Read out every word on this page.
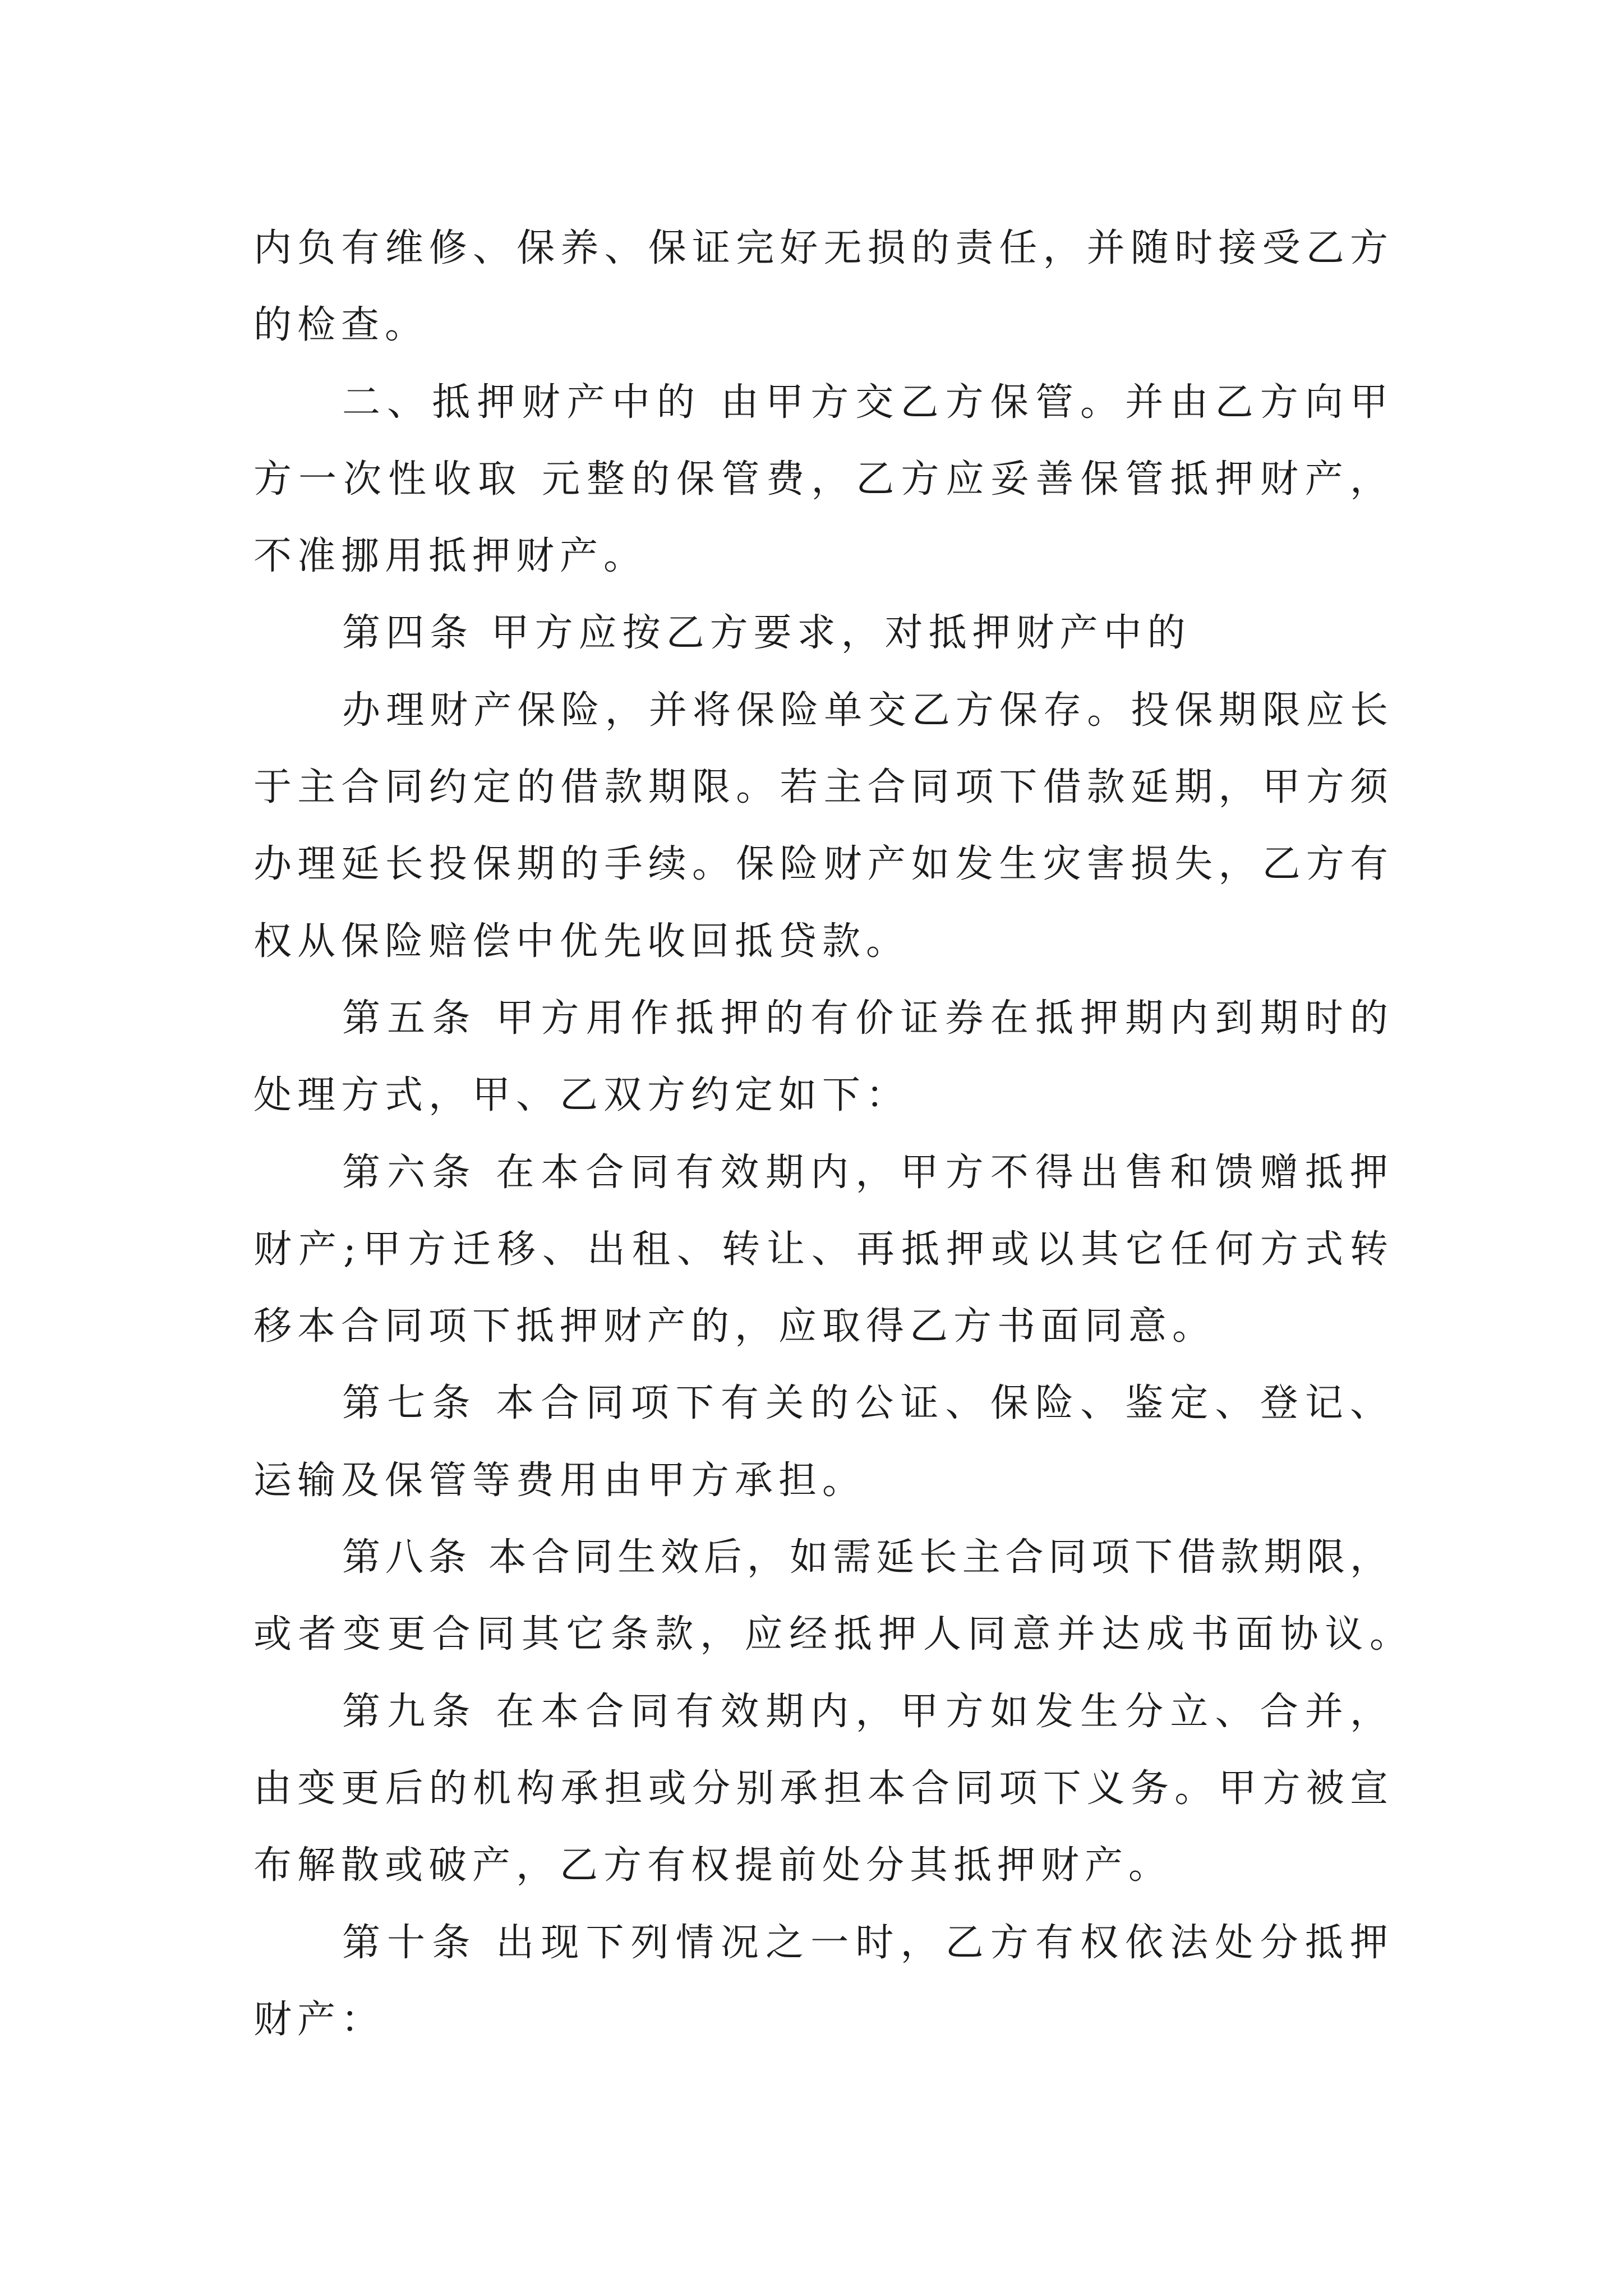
内负有维修、保养、保证完好无损的责任，并随时接受乙方
的检查。
二、抵押财产中的 由甲方交乙方保管。并由乙方向甲
方一次性收取 元整的保管费，乙方应妥善保管抵押财产，
不准挪用抵押财产。
第四条 甲方应按乙方要求，对抵押财产中的
办理财产保险，并将保险单交乙方保存。投保期限应长
于主合同约定的借款期限。若主合同项下借款延期，甲方须
办理延长投保期的手续。保险财产如发生灾害损失，乙方有
权从保险赔偿中优先收回抵贷款。
第五条 甲方用作抵押的有价证券在抵押期内到期时的
处理方式，甲、乙双方约定如下：
第六条 在本合同有效期内，甲方不得出售和馈赠抵押
财产;甲方迁移、出租、转让、再抵押或以其它任何方式转
移本合同项下抵押财产的，应取得乙方书面同意。
第七条 本合同项下有关的公证、保险、鉴定、登记、
运输及保管等费用由甲方承担。
第八条 本合同生效后，如需延长主合同项下借款期限，
或者变更合同其它条款，应经抵押人同意并达成书面协议。
第九条 在本合同有效期内，甲方如发生分立、合并，
由变更后的机构承担或分别承担本合同项下义务。甲方被宣
布解散或破产，乙方有权提前处分其抵押财产。
第十条 出现下列情况之一时，乙方有权依法处分抵押
财产：
